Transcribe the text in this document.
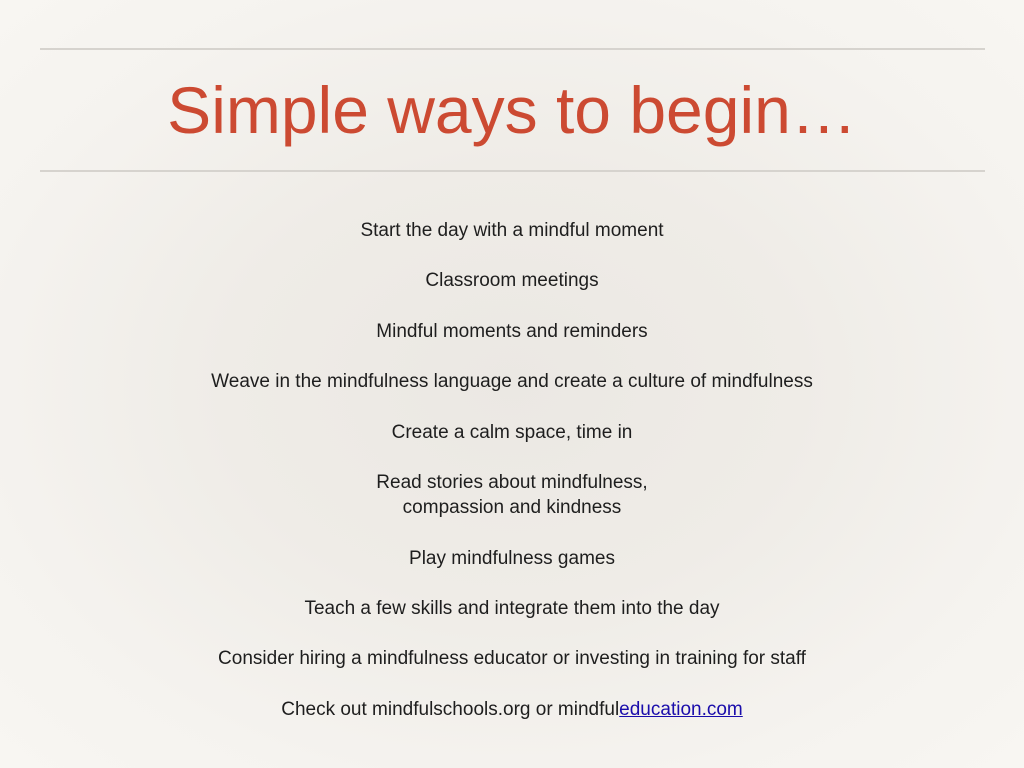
Simple ways to begin…
Start the day with a mindful moment
Classroom meetings
Mindful moments and reminders
Weave in the mindfulness language and create a culture of mindfulness
Create a calm space, time in
Read stories about mindfulness,
compassion and kindness
Play mindfulness games
Teach a few skills and integrate them into the day
Consider hiring a mindfulness educator or investing in training for staff
Check out mindfulschools.org or mindfuleducation.com
